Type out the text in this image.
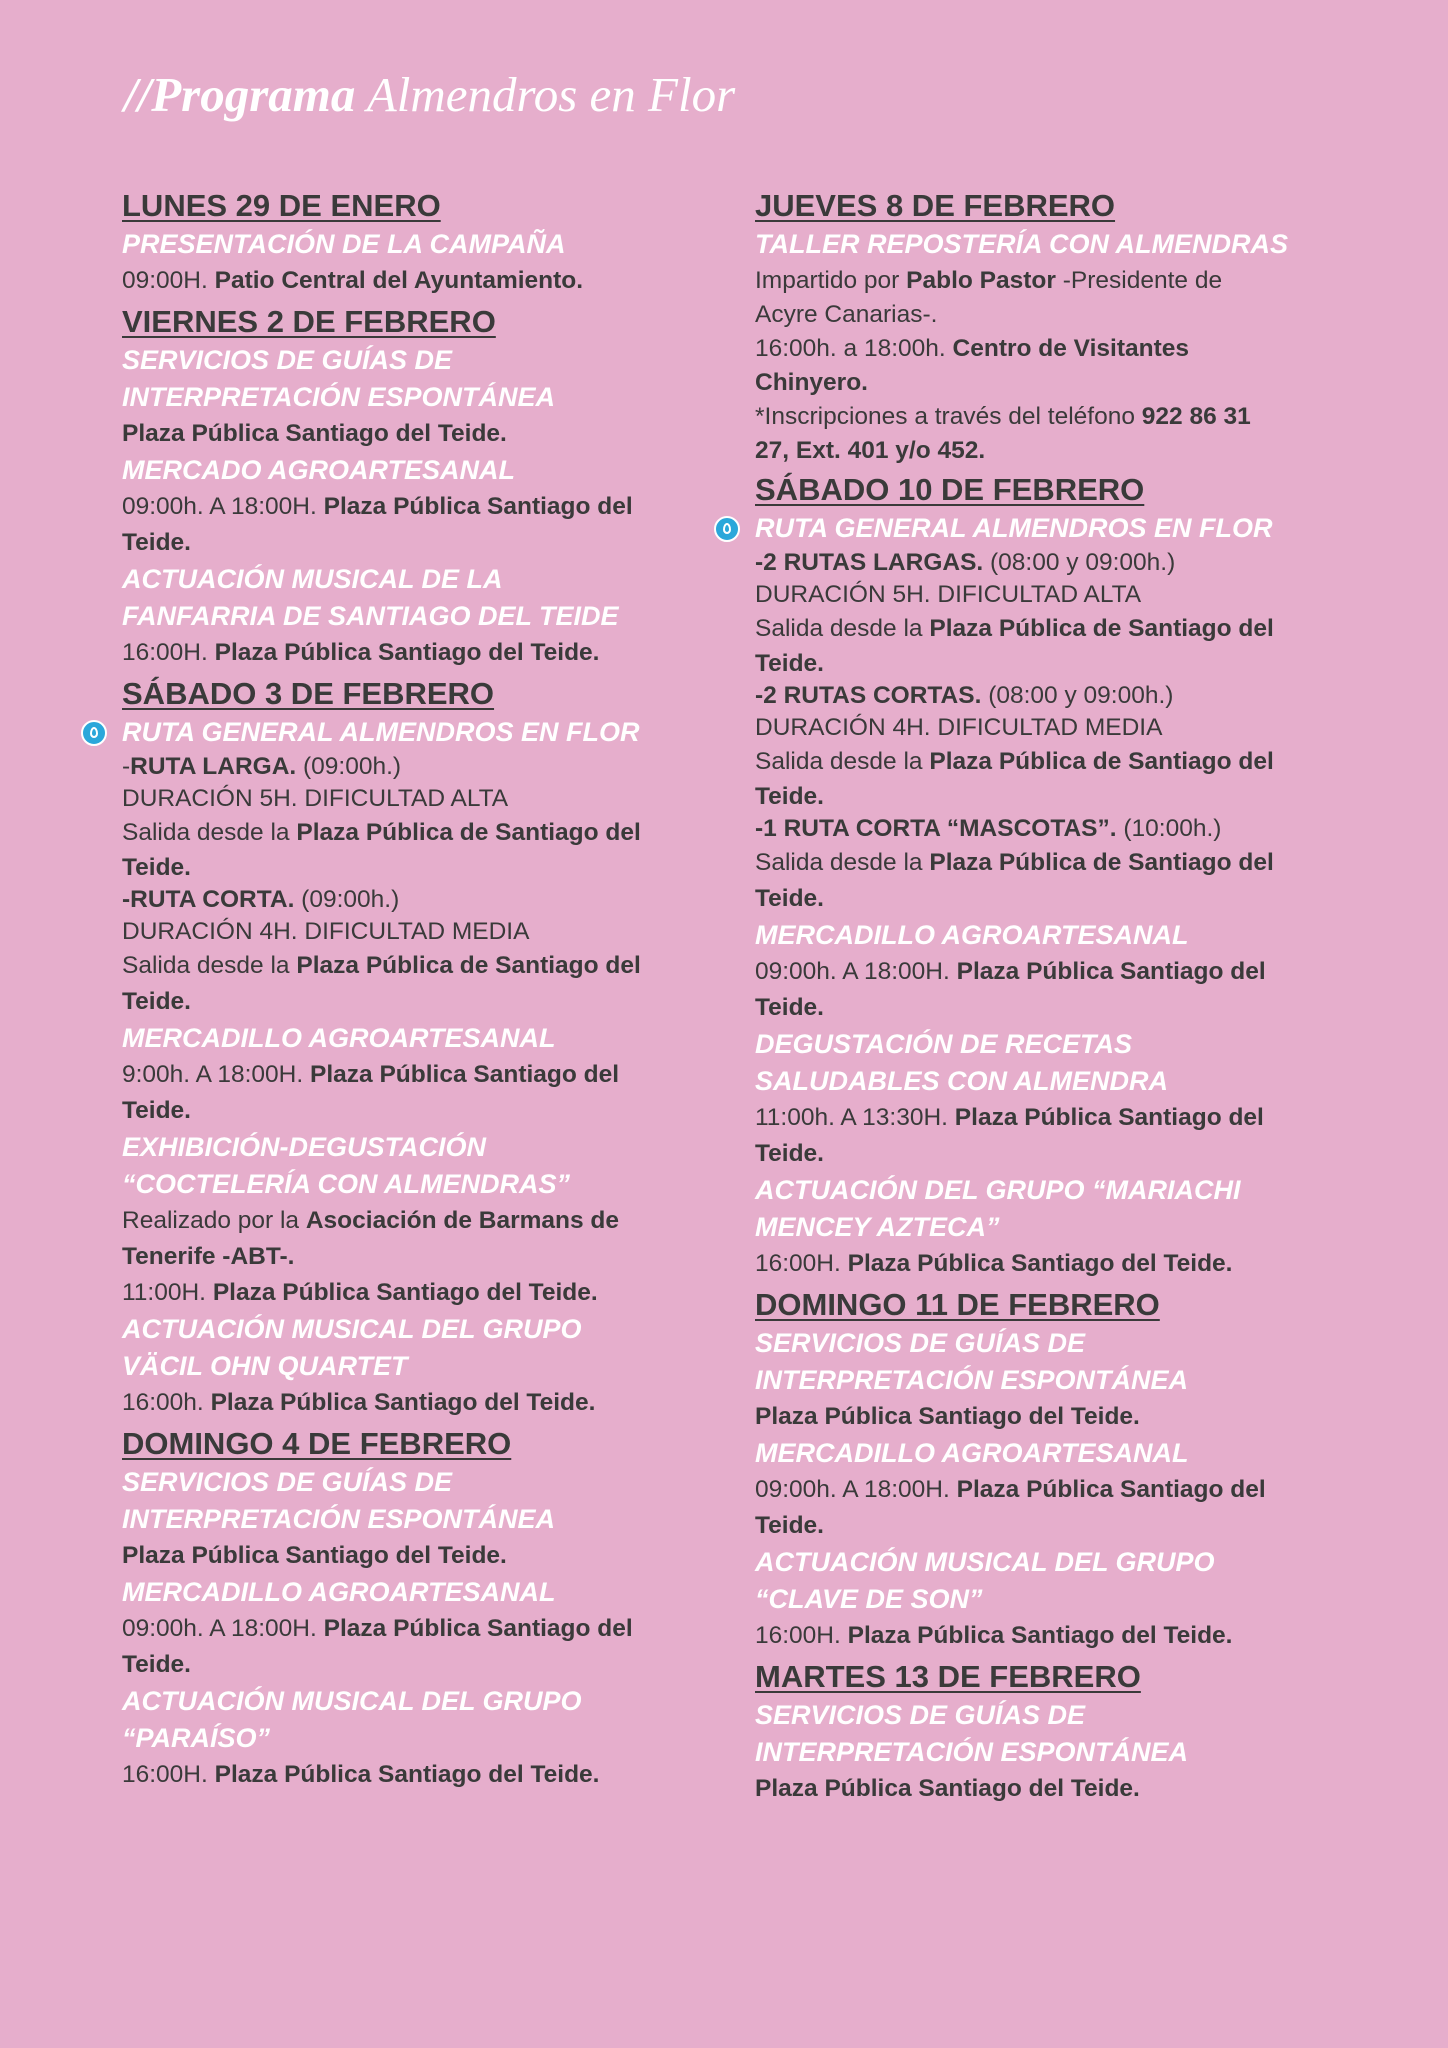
//Programa Almendros en Flor
LUNES 29 DE ENERO
PRESENTACIÓN DE LA CAMPAÑA
09:00H. Patio Central del Ayuntamiento.
VIERNES 2 DE FEBRERO
SERVICIOS DE GUÍAS DE
INTERPRETACIÓN ESPONTÁNEA
Plaza Pública Santiago del Teide.
MERCADO AGROARTESANAL
09:00h. A 18:00H. Plaza Pública Santiago del
Teide.
ACTUACIÓN MUSICAL DE LA
FANFARRIA DE SANTIAGO DEL TEIDE
16:00H. Plaza Pública Santiago del Teide.
SÁBADO 3 DE FEBRERO
RUTA GENERAL ALMENDROS EN FLOR
-RUTA LARGA. (09:00h.)
DURACIÓN 5H. DIFICULTAD ALTA
Salida desde la Plaza Pública de Santiago del
Teide.
-RUTA CORTA. (09:00h.)
DURACIÓN 4H. DIFICULTAD MEDIA
Salida desde la Plaza Pública de Santiago del
Teide.
MERCADILLO AGROARTESANAL
9:00h. A 18:00H. Plaza Pública Santiago del
Teide.
EXHIBICIÓN-DEGUSTACIÓN
“COCTELERÍA CON ALMENDRAS”
Realizado por la Asociación de Barmans de
Tenerife -ABT-.
11:00H. Plaza Pública Santiago del Teide.
ACTUACIÓN MUSICAL DEL GRUPO
VÄCIL OHN QUARTET
16:00h. Plaza Pública Santiago del Teide.
DOMINGO 4 DE FEBRERO
SERVICIOS DE GUÍAS DE
INTERPRETACIÓN ESPONTÁNEA
Plaza Pública Santiago del Teide.
MERCADILLO AGROARTESANAL
09:00h. A 18:00H. Plaza Pública Santiago del
Teide.
ACTUACIÓN MUSICAL DEL GRUPO
“PARAÍSO”
16:00H. Plaza Pública Santiago del Teide.
JUEVES 8 DE FEBRERO
TALLER REPOSTERÍA CON ALMENDRAS
Impartido por Pablo Pastor -Presidente de
Acyre Canarias-.
16:00h. a 18:00h. Centro de Visitantes
Chinyero.
*Inscripciones a través del teléfono 922 86 31
27, Ext. 401 y/o 452.
SÁBADO 10 DE FEBRERO
RUTA GENERAL ALMENDROS EN FLOR
-2 RUTAS LARGAS. (08:00 y 09:00h.)
DURACIÓN 5H. DIFICULTAD ALTA
Salida desde la Plaza Pública de Santiago del
Teide.
-2 RUTAS CORTAS. (08:00 y 09:00h.)
DURACIÓN 4H. DIFICULTAD MEDIA
Salida desde la Plaza Pública de Santiago del
Teide.
-1 RUTA CORTA “MASCOTAS”. (10:00h.)
Salida desde la Plaza Pública de Santiago del
Teide.
MERCADILLO AGROARTESANAL
09:00h. A 18:00H. Plaza Pública Santiago del
Teide.
DEGUSTACIÓN DE RECETAS
SALUDABLES CON ALMENDRA
11:00h. A 13:30H. Plaza Pública Santiago del
Teide.
ACTUACIÓN DEL GRUPO “MARIACHI
MENCEY AZTECA”
16:00H. Plaza Pública Santiago del Teide.
DOMINGO 11 DE FEBRERO
SERVICIOS DE GUÍAS DE
INTERPRETACIÓN ESPONTÁNEA
Plaza Pública Santiago del Teide.
MERCADILLO AGROARTESANAL
09:00h. A 18:00H. Plaza Pública Santiago del
Teide.
ACTUACIÓN MUSICAL DEL GRUPO
“CLAVE DE SON”
16:00H. Plaza Pública Santiago del Teide.
MARTES 13 DE FEBRERO
SERVICIOS DE GUÍAS DE
INTERPRETACIÓN ESPONTÁNEA
Plaza Pública Santiago del Teide.
